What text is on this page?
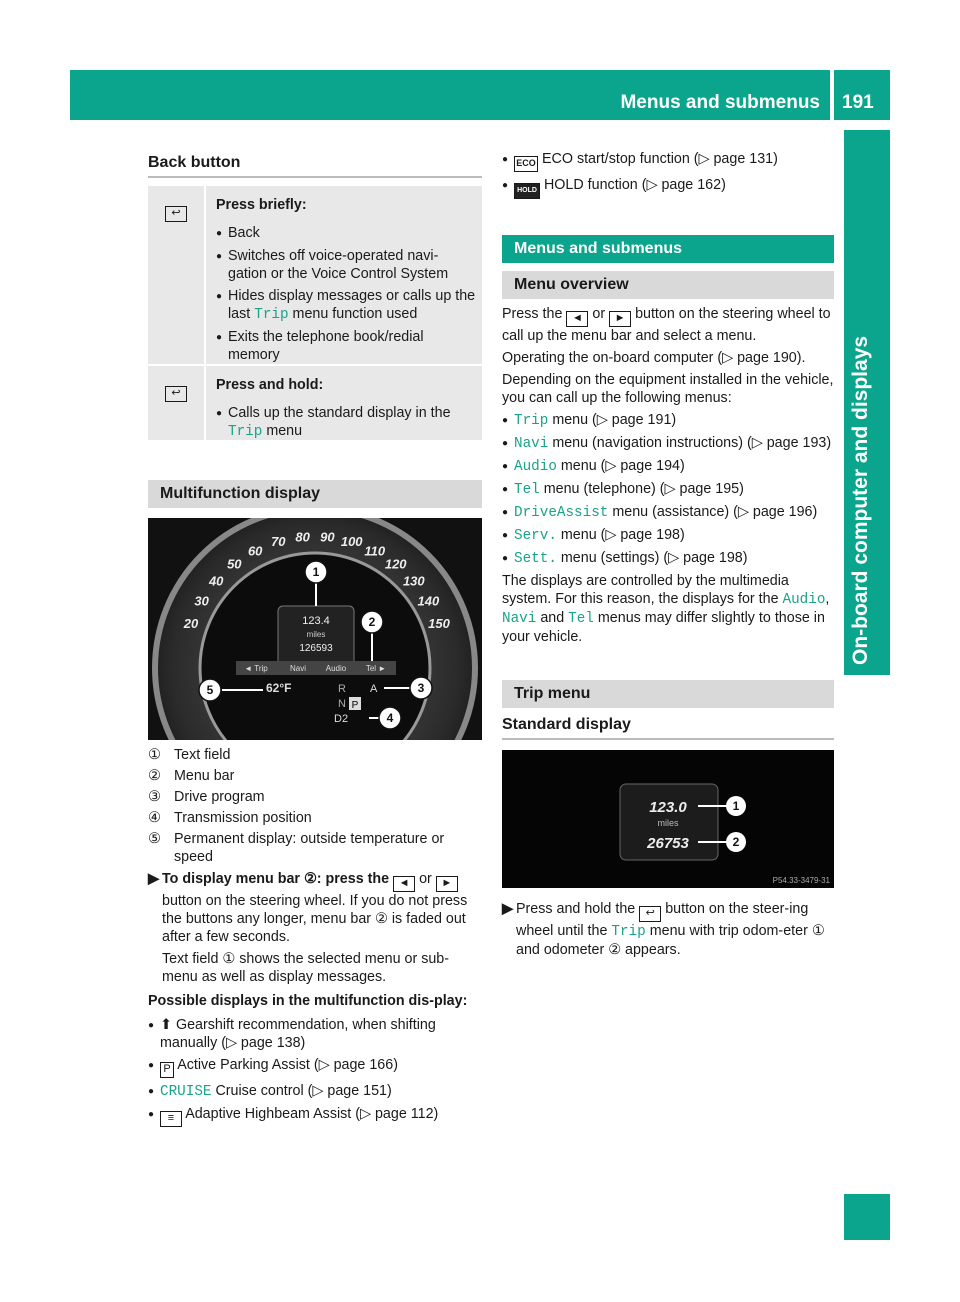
Menus and submenus 191
On-board computer and displays
Back button
↩	Press briefly:
● Back
● Switches off voice-operated navi-gation or the Voice Control System
● Hides display messages or calls up the last Trip menu function used
● Exits the telephone book/redial memory
↩	Press and hold:
● Calls up the standard display in the Trip menu
Multifunction display
20
30
40
50
60
70 80 90 100
110
120
130
140
150
123.4
miles
126593
◄ Trip	Navi Audio Tel ►
62°F	R
N P
D2
A
1
2
3
4
5
① Text field
② Menu bar
③ Drive program
④ Transmission position
⑤ Permanent display: outside temperature or speed
▶ To display menu bar ②: press the ◄ or ► button on the steering wheel. If you do not press the buttons any longer, menu bar ② is faded out after a few seconds.
Text field ① shows the selected menu or sub-menu as well as display messages.
Possible displays in the multifunction dis-play:
● ⬆ Gearshift recommendation, when shifting manually (▷ page 138)
● P Active Parking Assist (▷ page 166)
● CRUISE Cruise control (▷ page 151)
●	≡ Adaptive Highbeam Assist (▷ page 112)
● ECO ECO start/stop function (▷ page 131)
●	HOLD HOLD function (▷ page 162)
Menus and submenus
Menu overview
Press the ◄ or ► button on the steering wheel to call up the menu bar and select a menu.
Operating the on-board computer (▷ page 190).
Depending on the equipment installed in the vehicle, you can call up the following menus:
● Trip menu (▷ page 191)
● Navi menu (navigation instructions) (▷ page 193)
● Audio menu (▷ page 194)
● Tel menu (telephone) (▷ page 195)
● DriveAssist menu (assistance) (▷ page 196)
● Serv. menu (▷ page 198)
● Sett. menu (settings) (▷ page 198)
The displays are controlled by the multimedia system. For this reason, the displays for the Audio, Navi and Tel menus may differ slightly to those in your vehicle.
Trip menu
Standard display
123.0
miles
26753
1
2
P54.33-3479-31
▶ Press and hold the ↩ button on the steer-ing wheel until the Trip menu with trip odom-eter ① and odometer ② appears.
